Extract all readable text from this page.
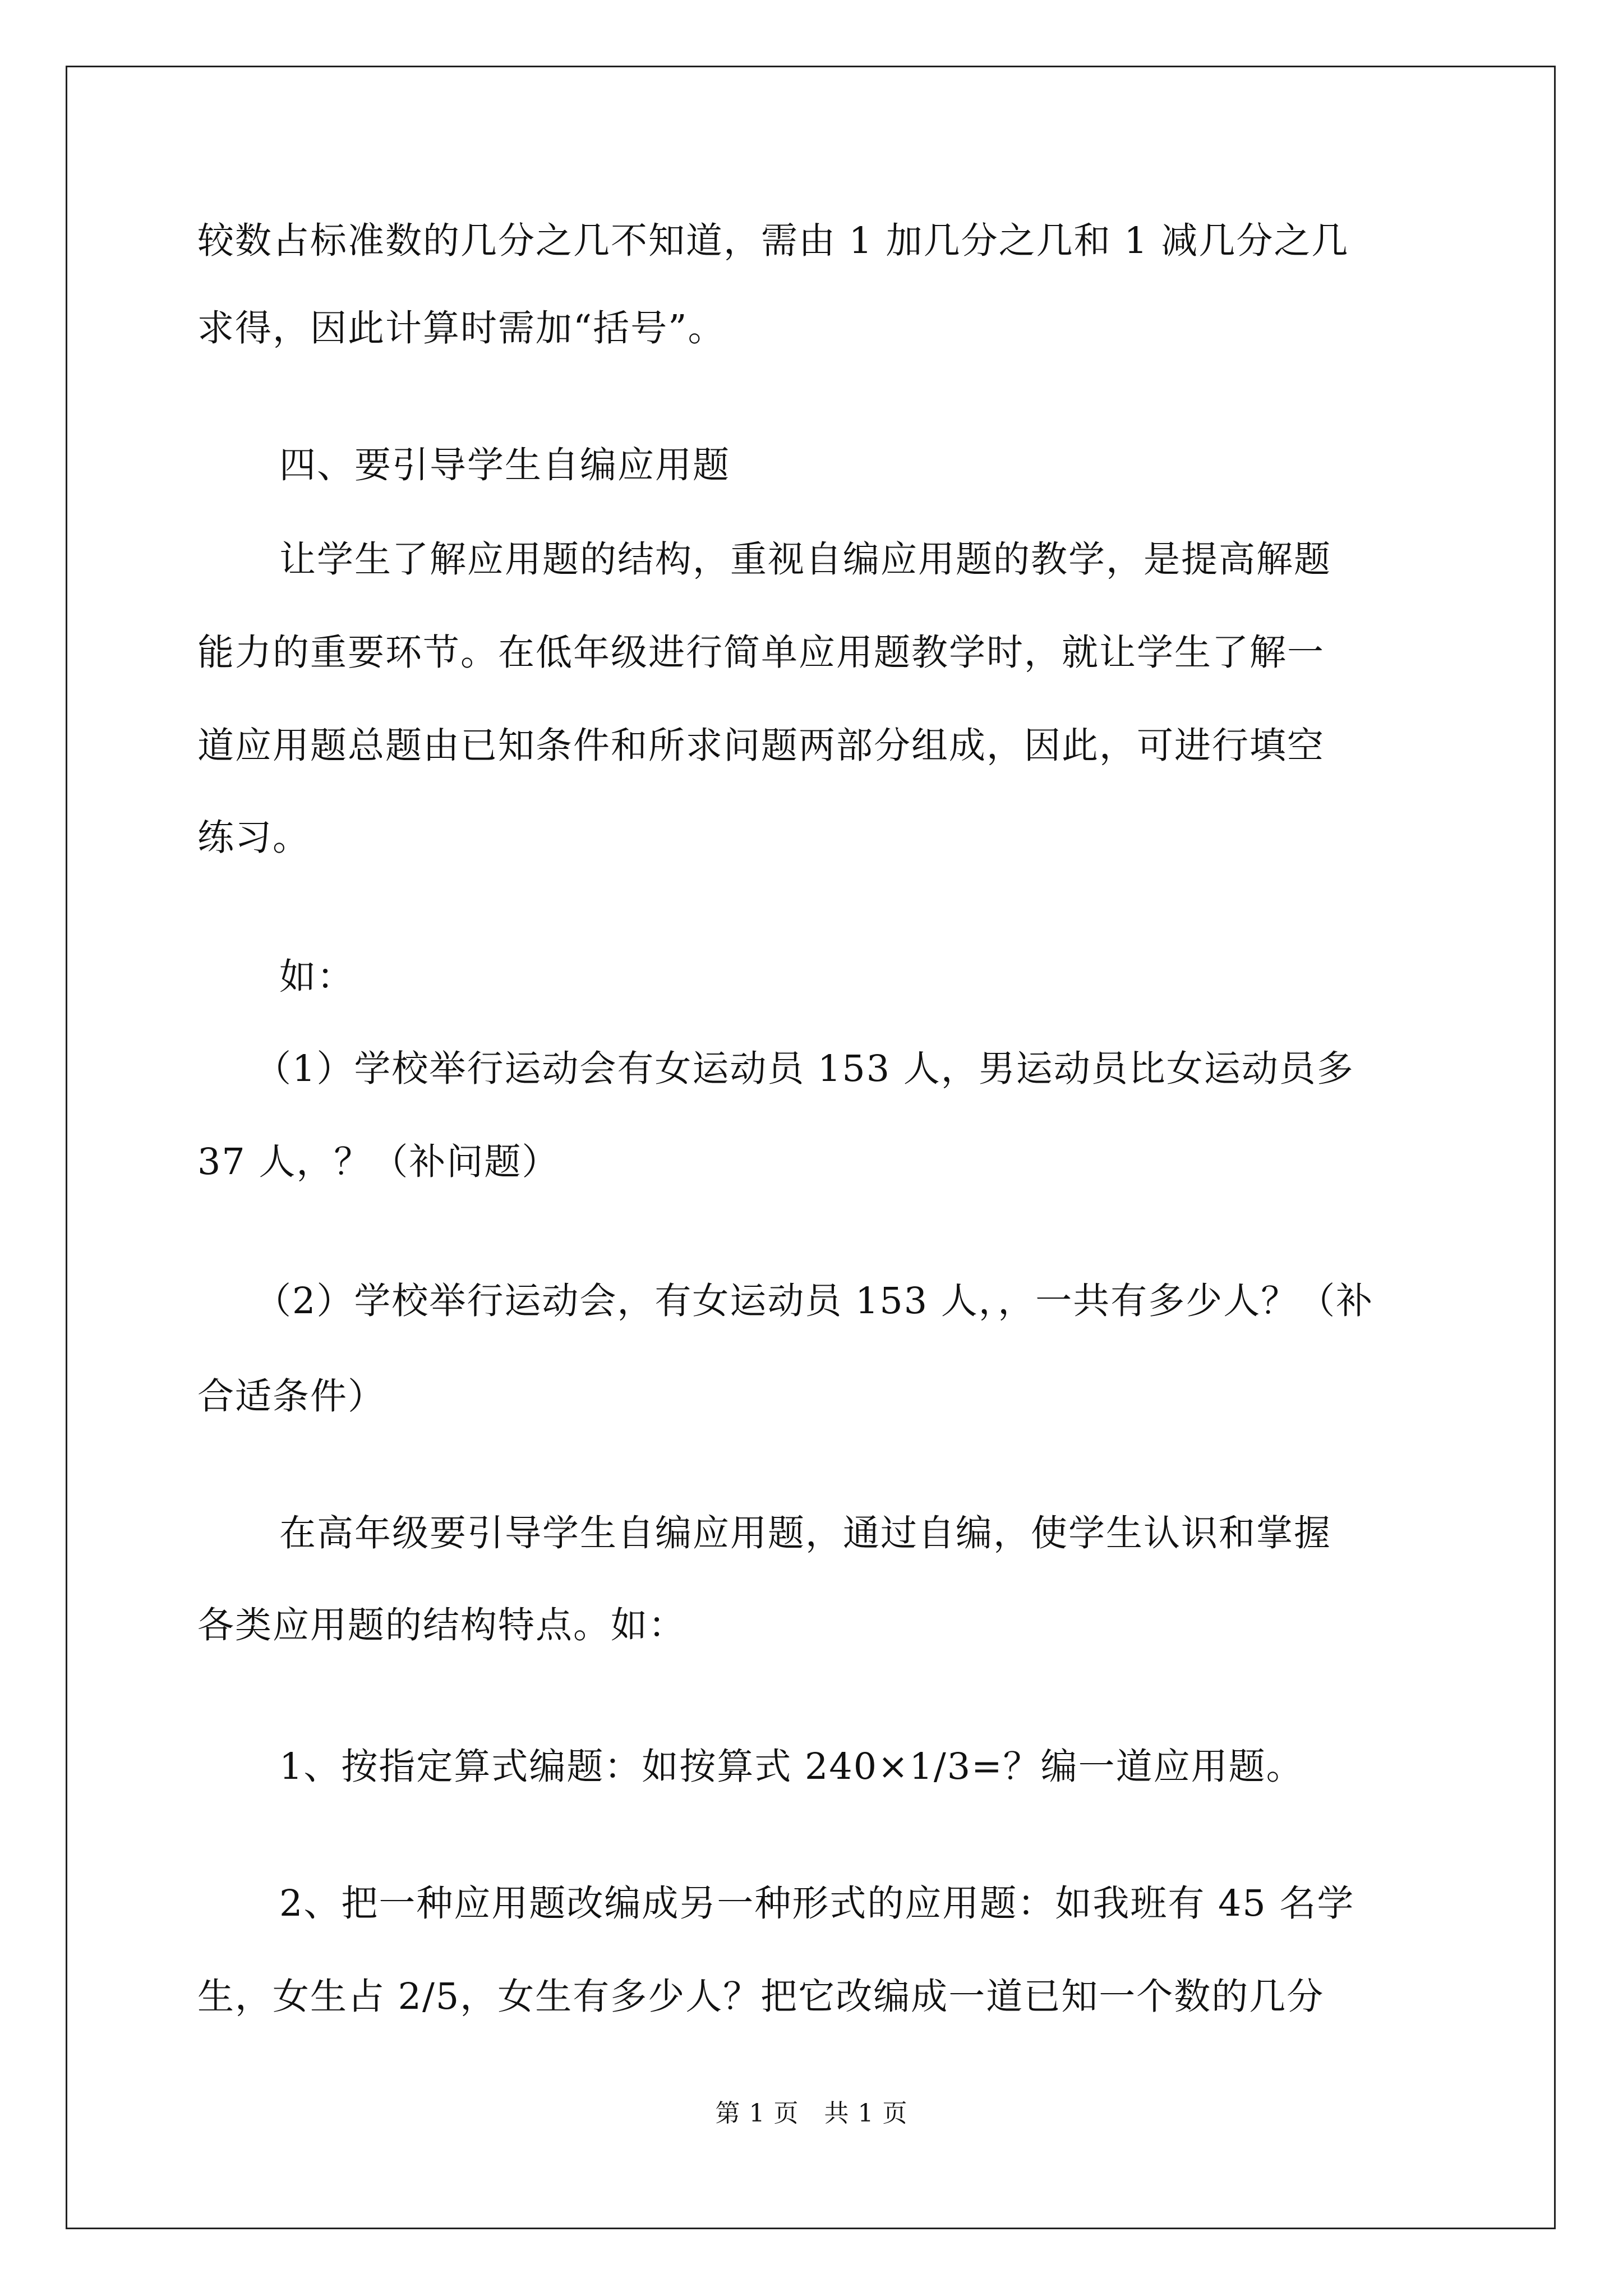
较数占标准数的几分之几不知道，需由 1 加几分之几和 1 减几分之几
求得，因此计算时需加“括号”。
四、要引导学生自编应用题
让学生了解应用题的结构，重视自编应用题的教学，是提高解题
能力的重要环节。在低年级进行简单应用题教学时，就让学生了解一
道应用题总题由已知条件和所求问题两部分组成，因此，可进行填空
练习。
如：
（1）学校举行运动会有女运动员 153 人，男运动员比女运动员多
37 人，？（补问题）
（2）学校举行运动会，有女运动员 153 人，，一共有多少人？（补
合适条件）
在高年级要引导学生自编应用题，通过自编，使学生认识和掌握
各类应用题的结构特点。如：
1、按指定算式编题：如按算式 240×1/3=？编一道应用题。
2、把一种应用题改编成另一种形式的应用题：如我班有 45 名学
生，女生占 2/5，女生有多少人？把它改编成一道已知一个数的几分
第 1 页　共 1 页
